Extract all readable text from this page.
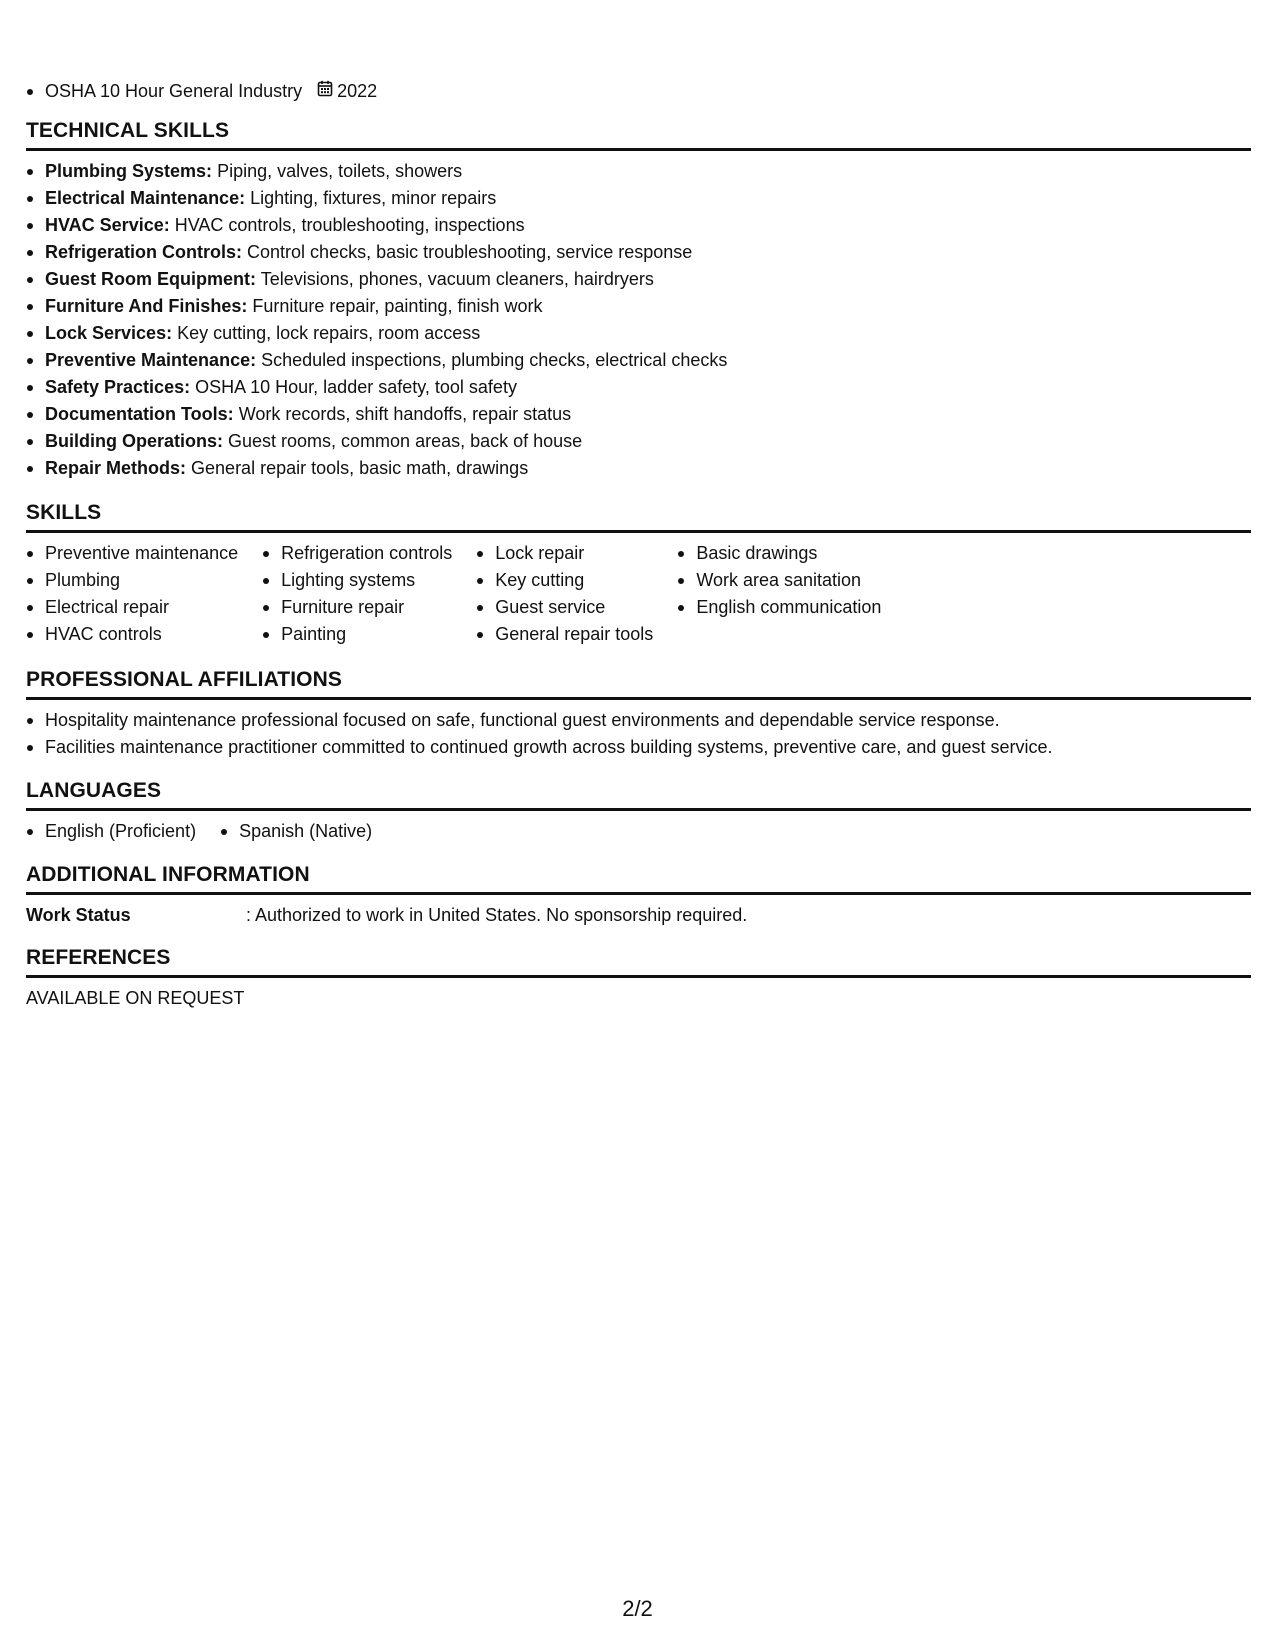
OSHA 10 Hour General Industry 2022
TECHNICAL SKILLS
Plumbing Systems: Piping, valves, toilets, showers
Electrical Maintenance: Lighting, fixtures, minor repairs
HVAC Service: HVAC controls, troubleshooting, inspections
Refrigeration Controls: Control checks, basic troubleshooting, service response
Guest Room Equipment: Televisions, phones, vacuum cleaners, hairdryers
Furniture And Finishes: Furniture repair, painting, finish work
Lock Services: Key cutting, lock repairs, room access
Preventive Maintenance: Scheduled inspections, plumbing checks, electrical checks
Safety Practices: OSHA 10 Hour, ladder safety, tool safety
Documentation Tools: Work records, shift handoffs, repair status
Building Operations: Guest rooms, common areas, back of house
Repair Methods: General repair tools, basic math, drawings
SKILLS
Preventive maintenance
Plumbing
Electrical repair
HVAC controls
Refrigeration controls
Lighting systems
Furniture repair
Painting
Lock repair
Key cutting
Guest service
General repair tools
Basic drawings
Work area sanitation
English communication
PROFESSIONAL AFFILIATIONS
Hospitality maintenance professional focused on safe, functional guest environments and dependable service response.
Facilities maintenance practitioner committed to continued growth across building systems, preventive care, and guest service.
LANGUAGES
English (Proficient)	Spanish (Native)
ADDITIONAL INFORMATION
Work Status	: Authorized to work in United States. No sponsorship required.
REFERENCES
AVAILABLE ON REQUEST
2/2
